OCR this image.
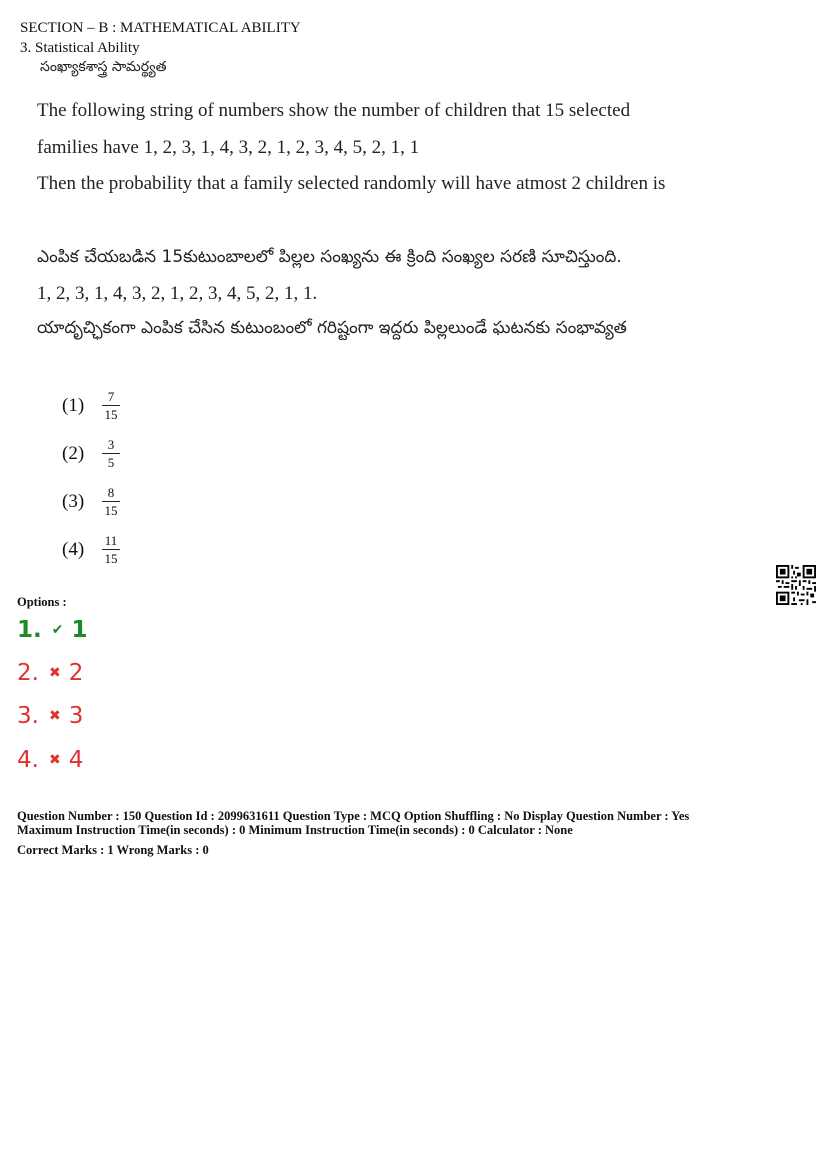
SECTION – B : MATHEMATICAL ABILITY
3. Statistical Ability
సంఖ్యాకశాస్త్ర సామర్థ్యత
The following string of numbers show the number of children that 15 selected
families have 1, 2, 3, 1, 4, 3, 2, 1, 2, 3, 4, 5, 2, 1, 1
Then the probability that a family selected randomly will have atmost 2 children is
ఎంపిక చేయబడిన 15కుటుంబాలలో పిల్లల సంఖ్యను ఈ క్రింది సంఖ్యల సరణి సూచిస్తుంది.
1, 2, 3, 1, 4, 3, 2, 1, 2, 3, 4, 5, 2, 1, 1.
యాదృచ్ఛికంగా ఎంపిక చేసిన కుటుంబంలో గరిష్టంగా ఇద్దరు పిల్లలుండే ఘటనకు సంభావ్యత
(1)	$\frac{7}{15}$
(2)	$\frac{3}{5}$
(3)	$\frac{8}{15}$
(4)	$\frac{11}{15}$
Options :
1. ✔ 1
2. ✖ 2
3. ✖ 3
4. ✖ 4
Question Number : 150 Question Id : 2099631611 Question Type : MCQ Option Shuffling : No Display Question Number : Yes
Maximum Instruction Time(in seconds) : 0 Minimum Instruction Time(in seconds) : 0 Calculator : None
Correct Marks : 1 Wrong Marks : 0
